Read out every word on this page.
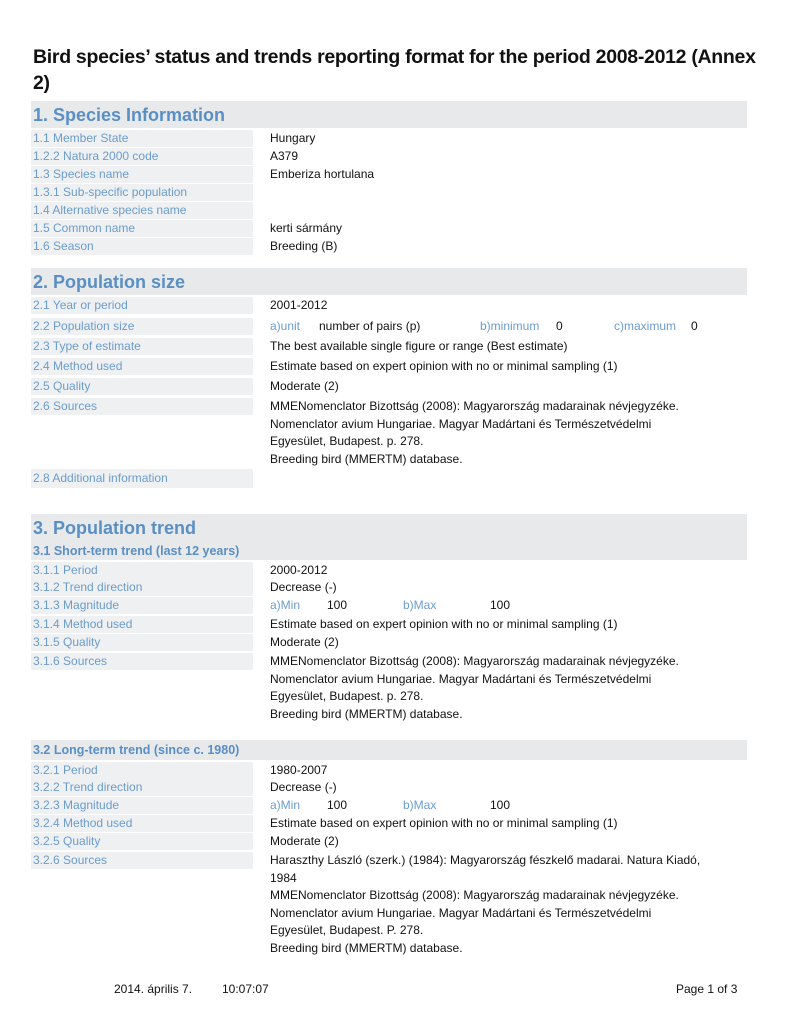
Bird species’ status and trends reporting format for the period 2008-2012 (Annex 2)
1. Species Information
1.1 Member State	Hungary
1.2.2 Natura 2000 code	A379
1.3 Species name	Emberiza hortulana
1.3.1 Sub-specific population
1.4 Alternative species name
1.5 Common name	kerti sármány
1.6 Season	Breeding (B)
2. Population size
2.1 Year or period	2001-2012
2.2 Population size	a)unit number of pairs (p)	b)minimum 0	c)maximum 0
2.3 Type of estimate	The best available single figure or range (Best estimate)
2.4 Method used	Estimate based on expert opinion with no or minimal sampling (1)
2.5 Quality	Moderate (2)
2.6 Sources	MMENomenclator Bizottság (2008): Magyarország madarainak névjegyzéke.
Nomenclator avium Hungariae. Magyar Madártani és Természetvédelmi
Egyesület, Budapest. p. 278.
Breeding bird (MMERTM) database.
2.8 Additional information
3. Population trend
3.1 Short-term trend (last 12 years)
3.1.1 Period	2000-2012
3.1.2 Trend direction	Decrease (-)
3.1.3 Magnitude	a)Min 100	b)Max	100
3.1.4 Method used	Estimate based on expert opinion with no or minimal sampling (1)
3.1.5 Quality	Moderate (2)
3.1.6 Sources	MMENomenclator Bizottság (2008): Magyarország madarainak névjegyzéke.
Nomenclator avium Hungariae. Magyar Madártani és Természetvédelmi
Egyesület, Budapest. p. 278.
Breeding bird (MMERTM) database.
3.2 Long-term trend (since c. 1980)
3.2.1 Period	1980-2007
3.2.2 Trend direction	Decrease (-)
3.2.3 Magnitude	a)Min 100	b)Max	100
3.2.4 Method used	Estimate based on expert opinion with no or minimal sampling (1)
3.2.5 Quality	Moderate (2)
3.2.6 Sources	Haraszthy László (szerk.) (1984): Magyarország fészkelő madarai. Natura Kiadó,
1984
MMENomenclator Bizottság (2008): Magyarország madarainak névjegyzéke.
Nomenclator avium Hungariae. Magyar Madártani és Természetvédelmi
Egyesület, Budapest. P. 278.
Breeding bird (MMERTM) database.
2014. április 7. 10:07:07	Page 1 of 3
